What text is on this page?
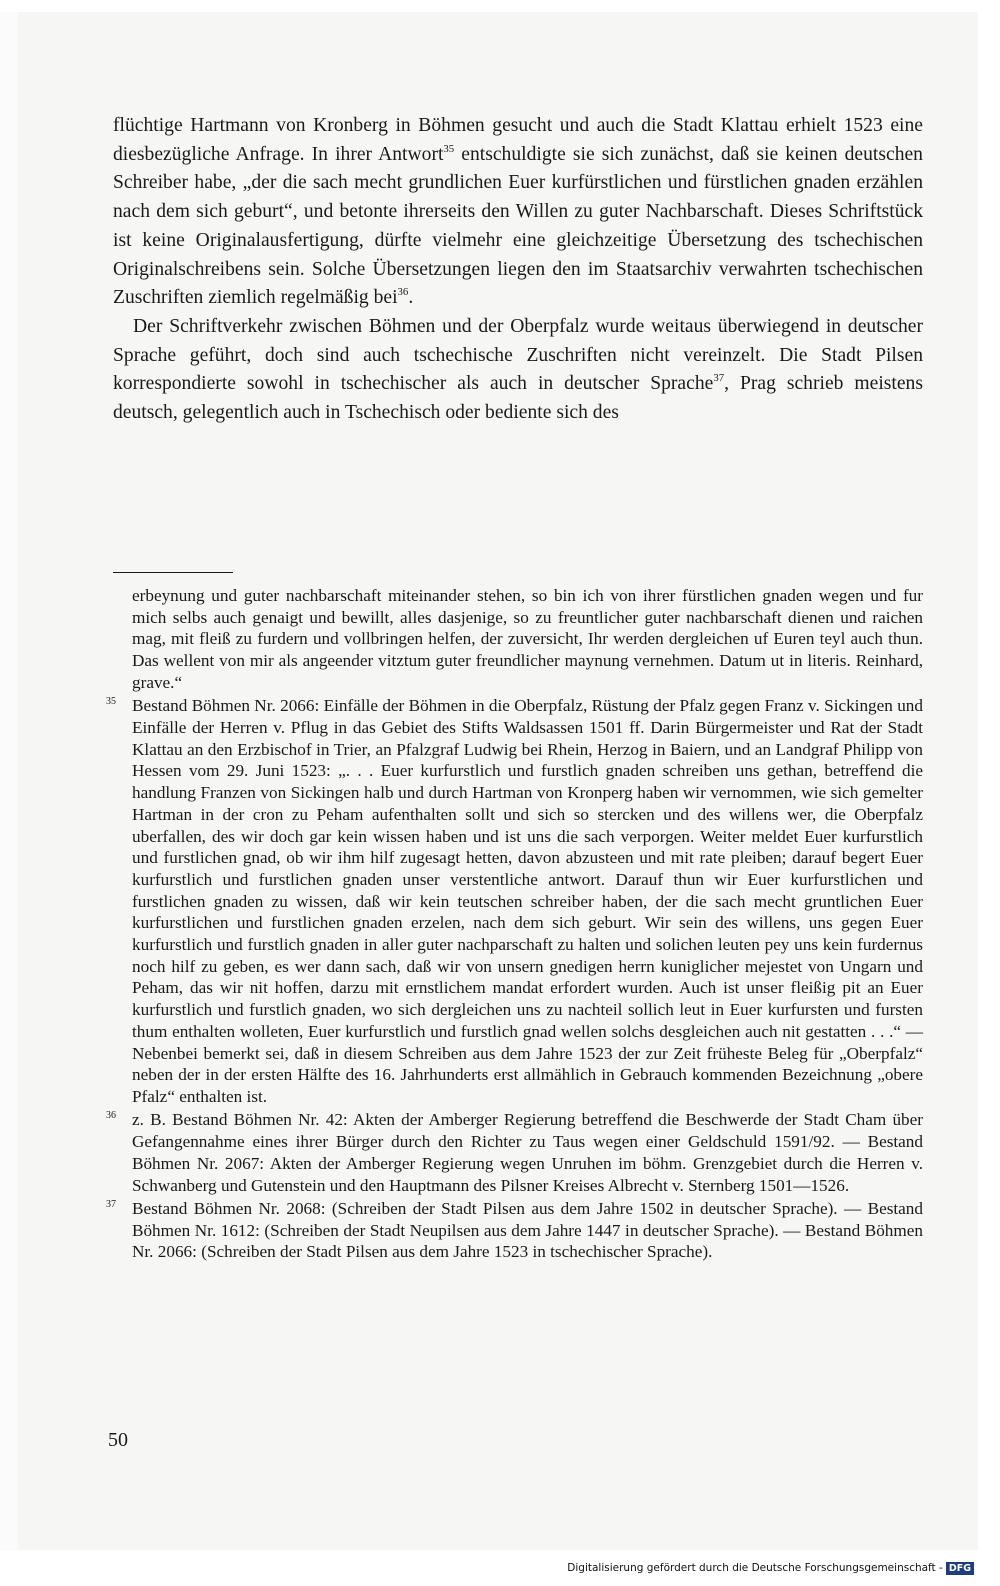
flüchtige Hartmann von Kronberg in Böhmen gesucht und auch die Stadt Klattau erhielt 1523 eine diesbezügliche Anfrage. In ihrer Antwort$^{35}$ entschuldigte sie sich zunächst, daß sie keinen deutschen Schreiber habe, „der die sach mecht grundlichen Euer kurfürstlichen und fürstlichen gnaden erzählen nach dem sich geburt“, und betonte ihrerseits den Willen zu guter Nachbarschaft. Dieses Schriftstück ist keine Originalausfertigung, dürfte vielmehr eine gleichzeitige Übersetzung des tschechischen Originalschreibens sein. Solche Übersetzungen liegen den im Staatsarchiv verwahrten tschechischen Zuschriften ziemlich regelmäßig bei$^{36}$.

Der Schriftverkehr zwischen Böhmen und der Oberpfalz wurde weitaus überwiegend in deutscher Sprache geführt, doch sind auch tschechische Zuschriften nicht vereinzelt. Die Stadt Pilsen korrespondierte sowohl in tschechischer als auch in deutscher Sprache$^{37}$, Prag schrieb meistens deutsch, gelegentlich auch in Tschechisch oder bediente sich des

erbeynung und guter nachbarschaft miteinander stehen, so bin ich von ihrer fürstlichen gnaden wegen und fur mich selbs auch genaigt und bewillt, alles dasjenige, so zu freuntlicher guter nachbarschaft dienen und raichen mag, mit fleiß zu furdern und vollbringen helfen, der zuversicht, Ihr werden dergleichen uf Euren teyl auch thun. Das wellent von mir als angeender vitztum guter freundlicher maynung vernehmen. Datum ut in literis. Reinhard, grave.“
35 Bestand Böhmen Nr. 2066: Einfälle der Böhmen in die Oberpfalz, Rüstung der Pfalz gegen Franz v. Sickingen und Einfälle der Herren v. Pflug in das Gebiet des Stifts Waldsassen 1501 ff. Darin Bürgermeister und Rat der Stadt Klattau an den Erzbischof in Trier, an Pfalzgraf Ludwig bei Rhein, Herzog in Baiern, und an Landgraf Philipp von Hessen vom 29. Juni 1523: „. . . Euer kurfurstlich und furstlich gnaden schreiben uns gethan, betreffend die handlung Franzen von Sickingen halb und durch Hartman von Kronperg haben wir vernommen, wie sich gemelter Hartman in der cron zu Peham aufenthalten sollt und sich so stercken und des willens wer, die Oberpfalz uberfallen, des wir doch gar kein wissen haben und ist uns die sach verporgen. Weiter meldet Euer kurfurstlich und furstlichen gnad, ob wir ihm hilf zugesagt hetten, davon abzusteen und mit rate pleiben; darauf begert Euer kurfurstlich und furstlichen gnaden unser verstentliche antwort. Darauf thun wir Euer kurfurstlichen und furstlichen gnaden zu wissen, daß wir kein teutschen schreiber haben, der die sach mecht gruntlichen Euer kurfurstlichen und furstlichen gnaden erzelen, nach dem sich geburt. Wir sein des willens, uns gegen Euer kurfurstlich und furstlich gnaden in aller guter nachparschaft zu halten und solichen leuten pey uns kein furdernus noch hilf zu geben, es wer dann sach, daß wir von unsern gnedigen herrn kuniglicher mejestet von Ungarn und Peham, das wir nit hoffen, darzu mit ernstlichem mandat erfordert wurden. Auch ist unser fleißig pit an Euer kurfurstlich und furstlich gnaden, wo sich dergleichen uns zu nachteil sollich leut in Euer kurfursten und fursten thum enthalten wolleten, Euer kurfurstlich und furstlich gnad wellen solchs desgleichen auch nit gestatten . . .“ — Nebenbei bemerkt sei, daß in diesem Schreiben aus dem Jahre 1523 der zur Zeit früheste Beleg für „Oberpfalz“ neben der in der ersten Hälfte des 16. Jahrhunderts erst allmählich in Gebrauch kommenden Bezeichnung „obere Pfalz“ enthalten ist.
36 z. B. Bestand Böhmen Nr. 42: Akten der Amberger Regierung betreffend die Beschwerde der Stadt Cham über Gefangennahme eines ihrer Bürger durch den Richter zu Taus wegen einer Geldschuld 1591/92. — Bestand Böhmen Nr. 2067: Akten der Amberger Regierung wegen Unruhen im böhm. Grenzgebiet durch die Herren v. Schwanberg und Gutenstein und den Hauptmann des Pilsner Kreises Albrecht v. Sternberg 1501—1526.
37 Bestand Böhmen Nr. 2068: (Schreiben der Stadt Pilsen aus dem Jahre 1502 in deutscher Sprache). — Bestand Böhmen Nr. 1612: (Schreiben der Stadt Neupilsen aus dem Jahre 1447 in deutscher Sprache). — Bestand Böhmen Nr. 2066: (Schreiben der Stadt Pilsen aus dem Jahre 1523 in tschechischer Sprache).
50
Digitalisierung gefördert durch die Deutsche Forschungsgemeinschaft - DFG
